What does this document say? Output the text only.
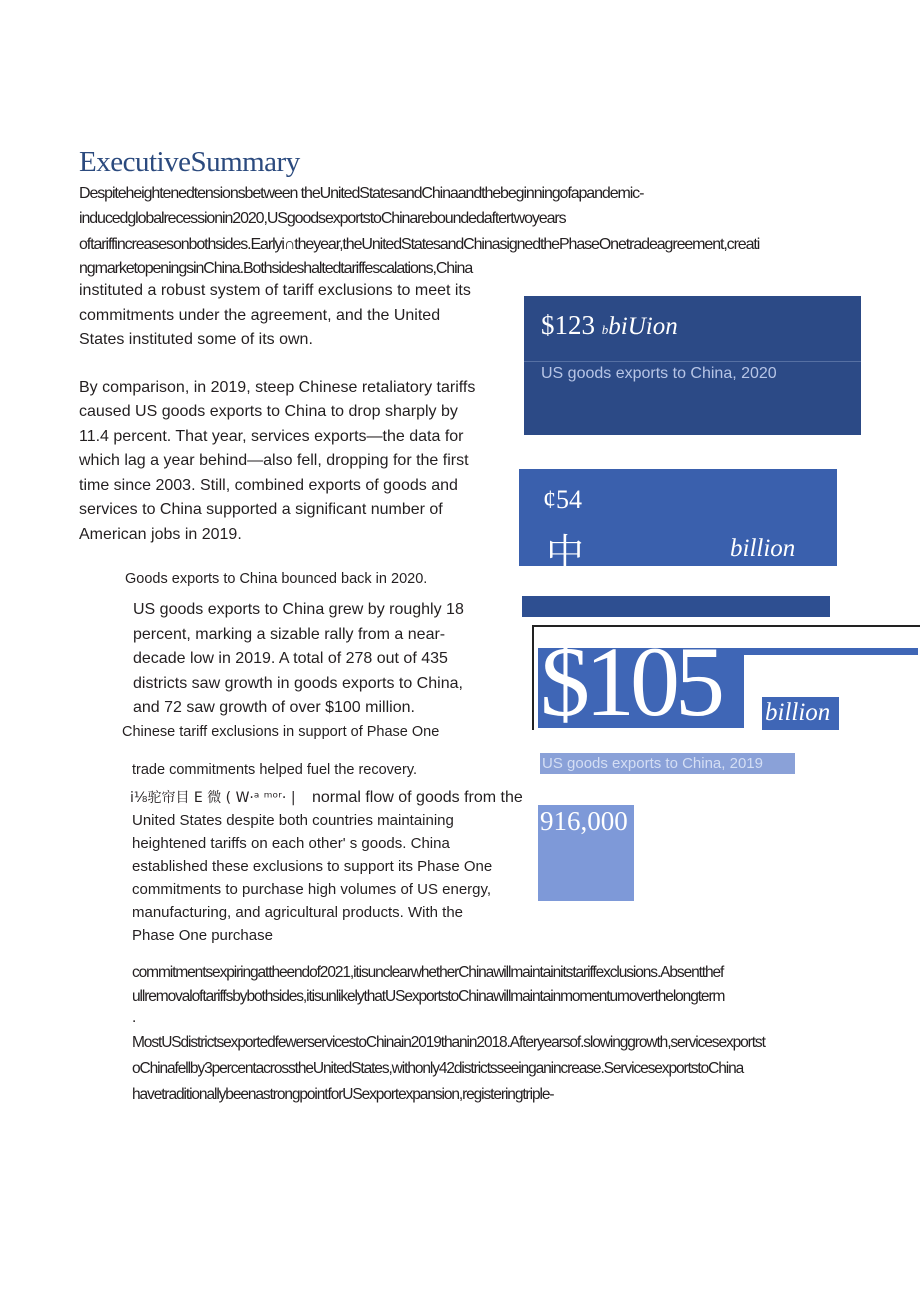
ExecutiveSummary
Despiteheightenedtensionsbetween theUnitedStatesandChinaandthebeginningofapandemic-
inducedglobalrecessionin2020,USgoodsexportstoChinareboundedaftertwoyears
oftariffincreasesonbothsides.Earlyi∩theyear,theUnitedStatesandChinasignedthePhaseOnetradeagreement,creati
ngmarketopeningsinChina.Bothsideshaltedtariffescalations,China
instituted a robust system of tariff exclusions to meet its
commitments under the agreement, and the United
States instituted some of its own.
By comparison, in 2019, steep Chinese retaliatory tariffs
caused US goods exports to China to drop sharply by
11.4 percent. That year, services exports—the data for
which lag a year behind—also fell, dropping for the first
time since 2003. Still, combined exports of goods and
services to China supported a significant number of
American jobs in 2019.
Goods exports to China bounced back in 2020.
US goods exports to China grew by roughly 18
percent, marking a sizable rally from a near-
decade low in 2019. A total of 278 out of 435
districts saw growth in goods exports to China,
and 72 saw growth of over $100 million.
Chinese tariff exclusions in support of Phase One
trade commitments helped fuel the recovery.
i⅛驼帘目 E 微 ( W·ᵃ ᵐᵒʳ· | normal flow of goods from the
United States despite both countries maintaining
heightened tariffs on each other' s goods. China
established these exclusions to support its Phase One
commitments to purchase high volumes of US energy,
manufacturing, and agricultural products. With the
Phase One purchase
commitmentsexpiringattheendof2021,itisunclearwhetherChinawillmaintainitstariffexclusions.Absentthef
ullremovaloftariffsbybothsides,itisunlikelythatUSexportstoChinawillmaintainmomentumoverthelongterm
.
MostUSdistrictsexportedfewerservicestoChinain2019thanin2018.Afteryearsof.slowinggrowth,servicesexportst
oChinafellby3percentacrosstheUnitedStates,withonly42districtsseeinganincrease.ServicesexportstoChina
havetraditionallybeenastrongpointforUSexportexpansion,registeringtriple-
$123 bbiUion
US goods exports to China, 2020
¢54
中	billion
$105 billion
US goods exports to China, 2019
916,000
